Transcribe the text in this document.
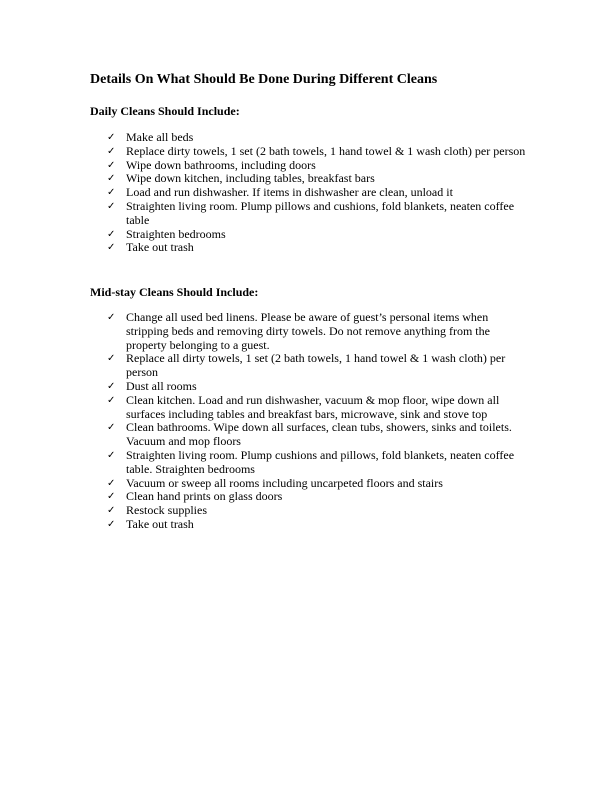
Details On What Should Be Done During Different Cleans
Daily Cleans Should Include:
✓ Make all beds
✓ Replace dirty towels, 1 set (2 bath towels, 1 hand towel & 1 wash cloth) per person
✓ Wipe down bathrooms, including doors
✓ Wipe down kitchen, including tables, breakfast bars
✓ Load and run dishwasher. If items in dishwasher are clean, unload it
✓ Straighten living room. Plump pillows and cushions, fold blankets, neaten coffee table
✓ Straighten bedrooms
✓ Take out trash
Mid-stay Cleans Should Include:
✓ Change all used bed linens. Please be aware of guest’s personal items when stripping beds and removing dirty towels. Do not remove anything from the property belonging to a guest.
✓ Replace all dirty towels, 1 set (2 bath towels, 1 hand towel & 1 wash cloth) per person
✓ Dust all rooms
✓ Clean kitchen. Load and run dishwasher, vacuum & mop floor, wipe down all surfaces including tables and breakfast bars, microwave, sink and stove top
✓ Clean bathrooms. Wipe down all surfaces, clean tubs, showers, sinks and toilets. Vacuum and mop floors
✓ Straighten living room. Plump cushions and pillows, fold blankets, neaten coffee table. Straighten bedrooms
✓ Vacuum or sweep all rooms including uncarpeted floors and stairs
✓ Clean hand prints on glass doors
✓ Restock supplies
✓ Take out trash
